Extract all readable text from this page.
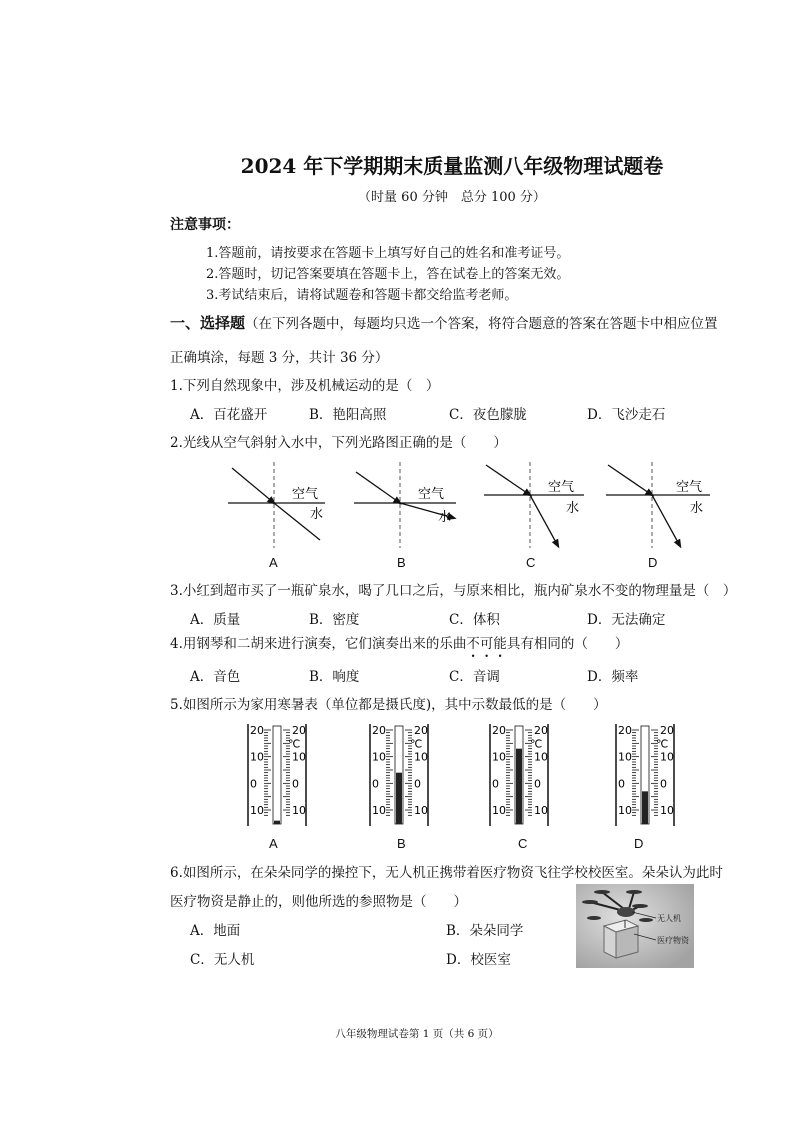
2024 年下学期期末质量监测八年级物理试题卷
（时量 60 分钟　总分 100 分）
注意事项：
1.答题前，请按要求在答题卡上填写好自己的姓名和准考证号。
2.答题时，切记答案要填在答题卡上，答在试卷上的答案无效。
3.考试结束后，请将试题卷和答题卡都交给监考老师。
一、选择题（在下列各题中，每题均只选一个答案，将符合题意的答案在答题卡中相应位置
正确填涂，每题 3 分，共计 36 分）
1.下列自然现象中，涉及机械运动的是（　）
A．百花盛开	B．艳阳高照	C．夜色朦胧	D．飞沙走石
2.光线从空气斜射入水中，下列光路图正确的是（　　）
空气
水
空气
水
空气
水
空气
水
A	B	C	D
3.小红到超市买了一瓶矿泉水，喝了几口之后，与原来相比，瓶内矿泉水不变的物理量是（　）
A．质量	B．密度	C．体积	D．无法确定
4.用钢琴和二胡来进行演奏，它们演奏出来的乐曲不可能具有相同的（　　）
A．音色	B．响度	C．音调	D．频率
5.如图所示为家用寒暑表（单位都是摄氏度)，其中示数最低的是（　　）
20	20
10	10
0	0
10	10
℃
20	20
10	10
0	0
10	10
℃
20	20
10	10
0	0
10	10
℃
20	20
10	10
0	0
10	10
℃
A	B	C	D
6.如图所示，在朵朵同学的操控下，无人机正携带着医疗物资飞往学校校医室。朵朵认为此时
医疗物资是静止的，则他所选的参照物是（　　）
A．地面	B．朵朵同学
C．无人机	D．校医室
无人机
医疗物资
八年级物理试卷第 1 页（共 6 页）
